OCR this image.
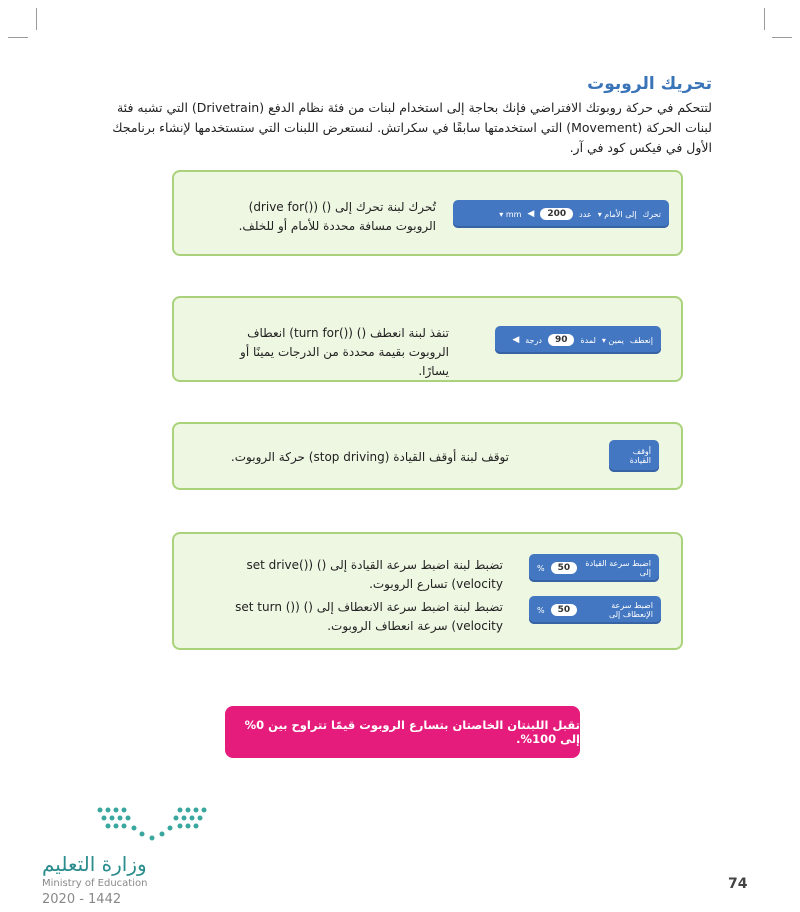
تحريك الروبوت
لتتحكم في حركة روبوتك الافتراضي فإنك بحاجة إلى استخدام لبنات من فئة نظام الدفع (Drivetrain) التي تشبه فئة لبنات الحركة (Movement) التي استخدمتها سابقًا في سكراتش. لنستعرض اللبنات التي ستستخدمها لإنشاء برنامجك الأول في فيكس كود في آر.
تحرك
إلى الأمام ▾
عدد
200
◀
mm ▾
تُحرك لبنة تحرك إلى () (()drive for) الروبوت مسافة محددة للأمام أو للخلف.
إنعطف
يمين ▾
لمدة
90
درجة
◀
تنفذ لبنة انعطف () (()turn for) انعطاف الروبوت بقيمة محددة من الدرجات يمينًا أو يسارًا.
أوقف القيادة
توقف لبنة أوقف القيادة (stop driving) حركة الروبوت.
اضبط سرعة القيادة إلى
50
%
تضبط لبنة اضبط سرعة القيادة إلى () (()set drive velocity) تسارع الروبوت.
اضبط سرعة الإنعطاف إلى
50
%
تضبط لبنة اضبط سرعة الانعطاف إلى () (() set turn velocity) سرعة انعطاف الروبوت.
تقبل اللبنتان الخاصتان بتسارع الروبوت قيمًا تتراوح بين 0% إلى 100%.
وزارة التعليم
Ministry of Education
2020 - 1442
74
